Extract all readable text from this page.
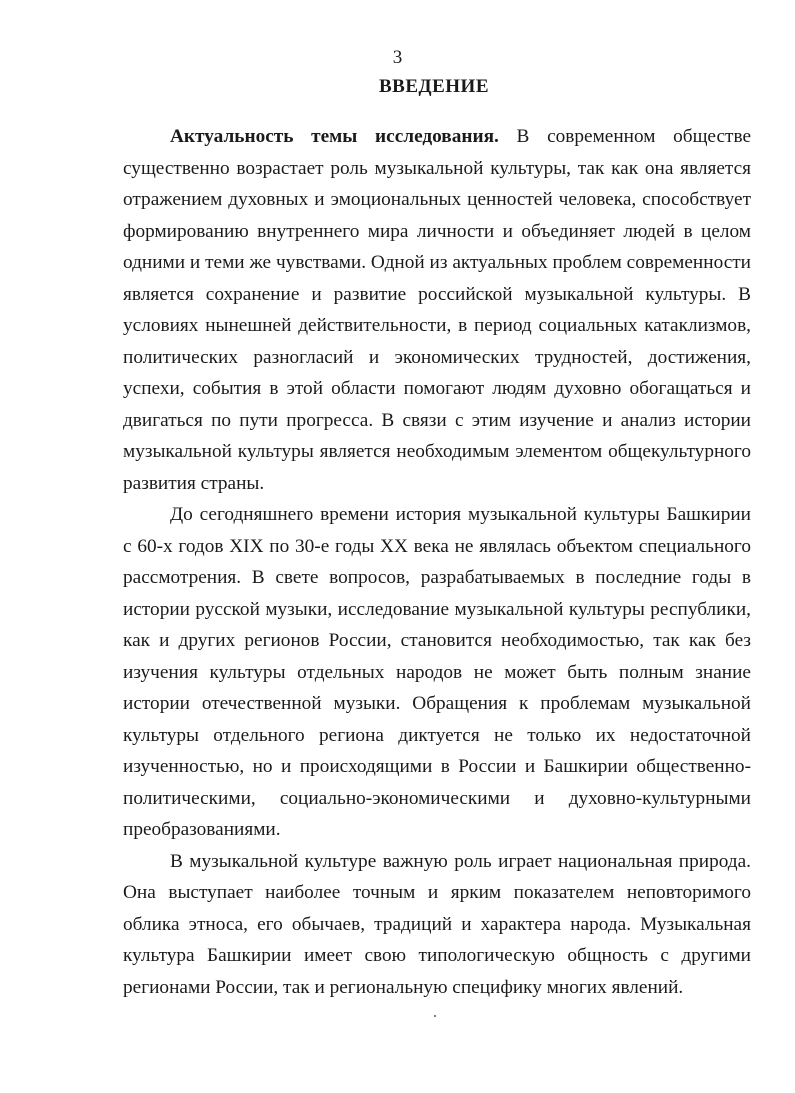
3
ВВЕДЕНИЕ

Актуальность темы исследования. В современном обществе существенно возрастает роль музыкальной культуры, так как она является отражением духовных и эмоциональных ценностей человека, способствует формированию внутреннего мира личности и объединяет людей в целом одними и теми же чувствами. Одной из актуальных проблем современности является сохранение и развитие российской музыкальной культуры. В условиях нынешней действительности, в период социальных катаклизмов, политических разногласий и экономических трудностей, достижения, успехи, события в этой области помогают людям духовно обогащаться и двигаться по пути прогресса. В связи с этим изучение и анализ истории музыкальной культуры является необходимым элементом общекультурного развития страны.

До сегодняшнего времени история музыкальной культуры Башкирии с 60-х годов XIX по 30-е годы XX века не являлась объектом специального рассмотрения. В свете вопросов, разрабатываемых в последние годы в истории русской музыки, исследование музыкальной культуры республики, как и других регионов России, становится необходимостью, так как без изучения культуры отдельных народов не может быть полным знание истории отечественной музыки. Обращения к проблемам музыкальной культуры отдельного региона диктуется не только их недостаточной изученностью, но и происходящими в России и Башкирии общественно-политическими, социально-экономическими и духовно-культурными преобразованиями.

В музыкальной культуре важную роль играет национальная природа. Она выступает наиболее точным и ярким показателем неповторимого облика этноса, его обычаев, традиций и характера народа. Музыкальная культура Башкирии имеет свою типологическую общность с другими регионами России, так и региональную специфику многих явлений.
